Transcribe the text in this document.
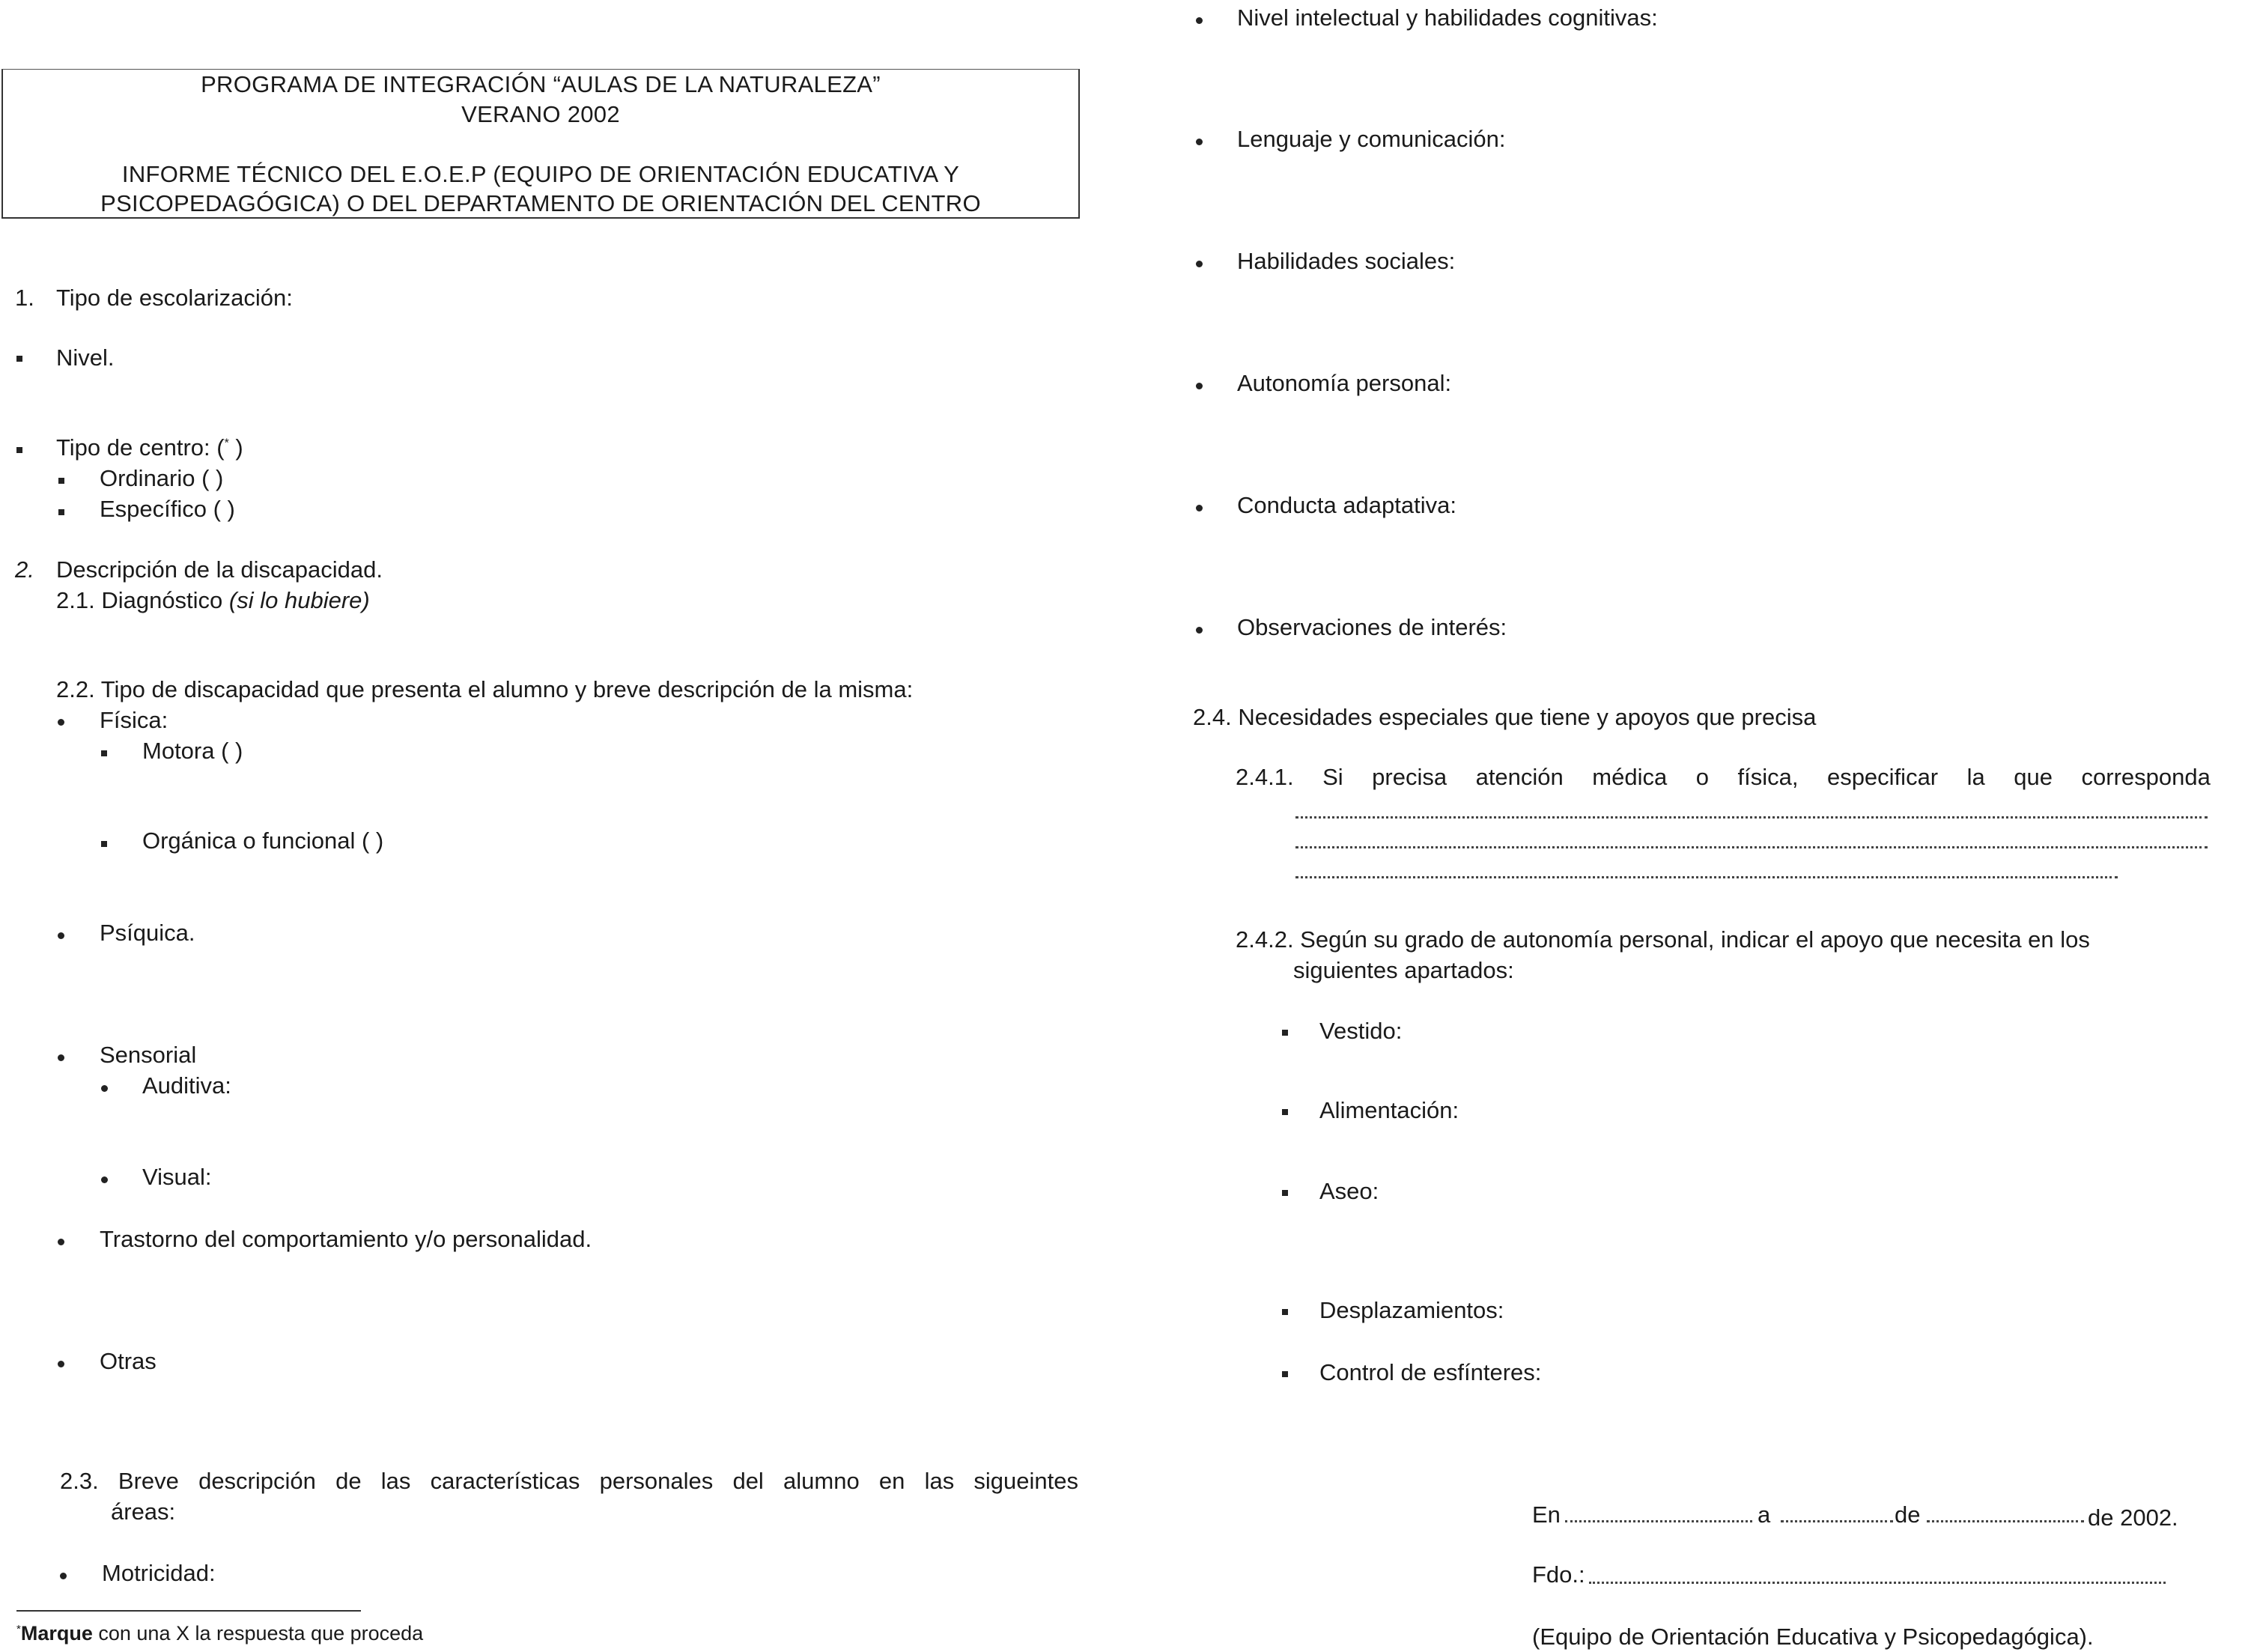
PROGRAMA DE INTEGRACIÓN “AULAS DE LA NATURALEZA”
VERANO 2002
INFORME TÉCNICO DEL E.O.E.P (EQUIPO DE ORIENTACIÓN EDUCATIVA Y
PSICOPEDAGÓGICA) O DEL DEPARTAMENTO DE ORIENTACIÓN DEL CENTRO
1. Tipo de escolarización:
Nivel.
Tipo de centro: (* )
Ordinario ( )
Específico ( )
2. Descripción de la discapacidad.
2.1. Diagnóstico (si lo hubiere)
2.2. Tipo de discapacidad que presenta el alumno y breve descripción de la misma:
Física:
Motora ( )
Orgánica o funcional ( )
Psíquica.
Sensorial
Auditiva:
Visual:
Trastorno del comportamiento y/o personalidad.
Otras
2.3. Breve descripción de las características personales del alumno en las sigueintes
áreas:
Motricidad:
*Marque con una X la respuesta que proceda
Nivel intelectual y habilidades cognitivas:
Lenguaje y comunicación:
Habilidades sociales:
Autonomía personal:
Conducta adaptativa:
Observaciones de interés:
2.4. Necesidades especiales que tiene y apoyos que precisa
2.4.1. Si precisa atención médica o física, especificar la que corresponda
2.4.2. Según su grado de autonomía personal, indicar el apoyo que necesita en los
siguientes apartados:
Vestido:
Alimentación:
Aseo:
Desplazamientos:
Control de esfínteres:
En	a	de	de 2002.
Fdo.:
(Equipo de Orientación Educativa y Psicopedagógica).
